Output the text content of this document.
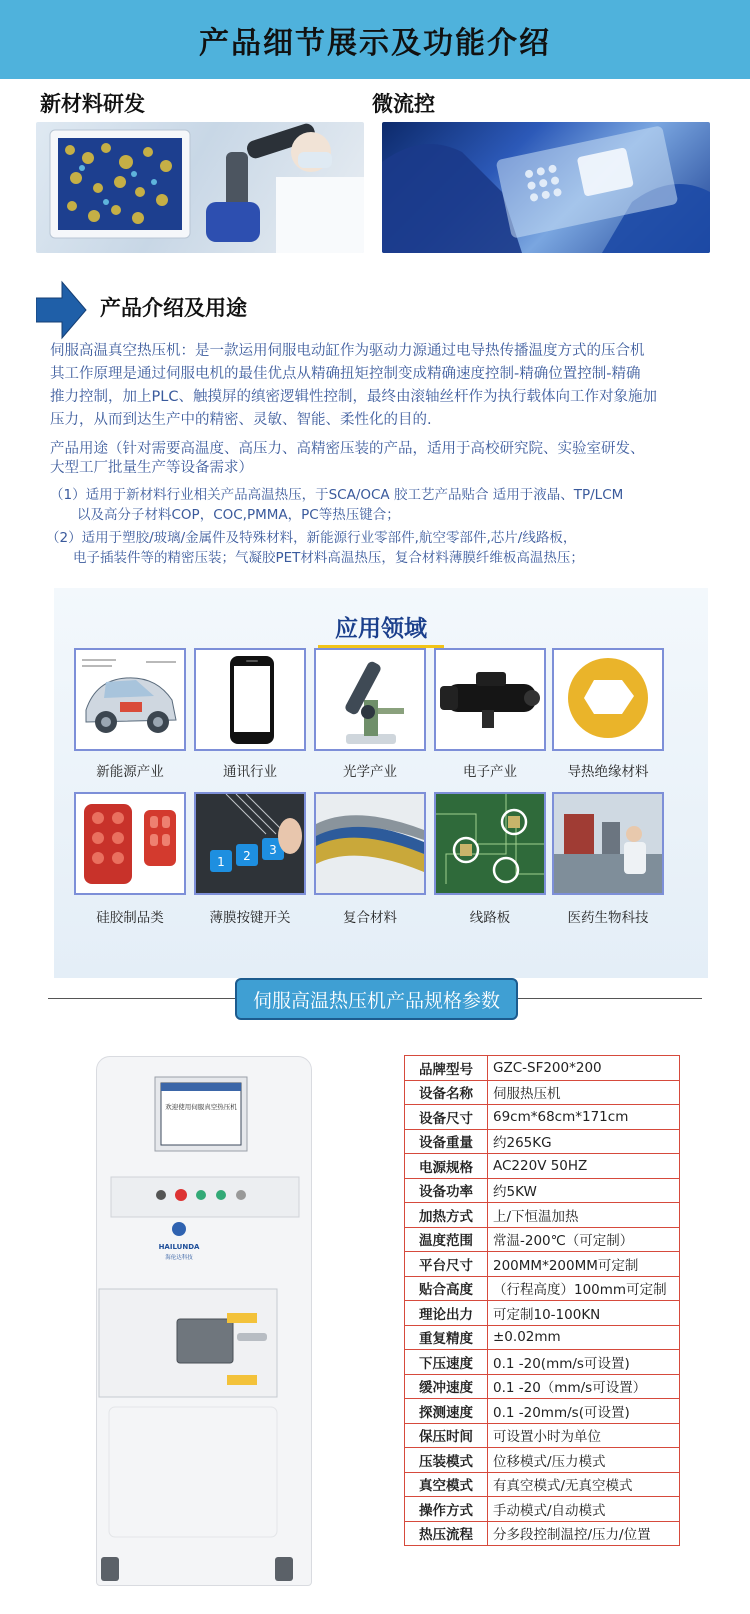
产品细节展示及功能介绍
新材料研发	微流控
产品介绍及用途
伺服高温真空热压机：是一款运用伺服电动缸作为驱动力源通过电导热传播温度方式的压合机
其工作原理是通过伺服电机的最佳优点从精确扭矩控制变成精确速度控制-精确位置控制-精确
推力控制，加上PLC、触摸屏的缜密逻辑性控制，最终由滚轴丝杆作为执行载体向工作对象施加
压力，从而到达生产中的精密、灵敏、智能、柔性化的目的.
产品用途（针对需要高温度、高压力、高精密压装的产品，适用于高校研究院、实验室研发、
大型工厂批量生产等设备需求）
（1）适用于新材料行业相关产品高温热压，于SCA/OCA 胶工艺产品贴合 适用于液晶、TP/LCM
　　以及高分子材料COP，COC,PMMA，PC等热压键合；
（2）适用于塑胶/玻璃/金属件及特殊材料，新能源行业零部件,航空零部件,芯片/线路板，
　　电子插装件等的精密压装；气凝胶PET材料高温热压，复合材料薄膜纤维板高温热压；
应用领域
新能源产业	通讯行业	光学产业	电子产业	导热绝缘材料
1 2 3
硅胶制品类	薄膜按键开关	复合材料	线路板	医药生物科技
伺服高温热压机产品规格参数
欢迎使用伺服真空热压机
HAILUNDA
海伦达科技
品牌型号	GZC-SF200*200
设备名称	伺服热压机
设备尺寸	69cm*68cm*171cm
设备重量	约265KG
电源规格	AC220V 50HZ
设备功率	约5KW
加热方式	上/下恒温加热
温度范围	常温-200℃（可定制）
平台尺寸	200MM*200MM可定制
贴合高度	（行程高度）100mm可定制
理论出力	可定制10-100KN
重复精度	±0.02mm
下压速度	0.1 -20(mm/s可设置)
缓冲速度	0.1 -20（mm/s可设置）
探测速度	0.1 -20mm/s(可设置)
保压时间	可设置小时为单位
压装模式	位移模式/压力模式
真空模式	有真空模式/无真空模式
操作方式	手动模式/自动模式
热压流程	分多段控制温控/压力/位置
